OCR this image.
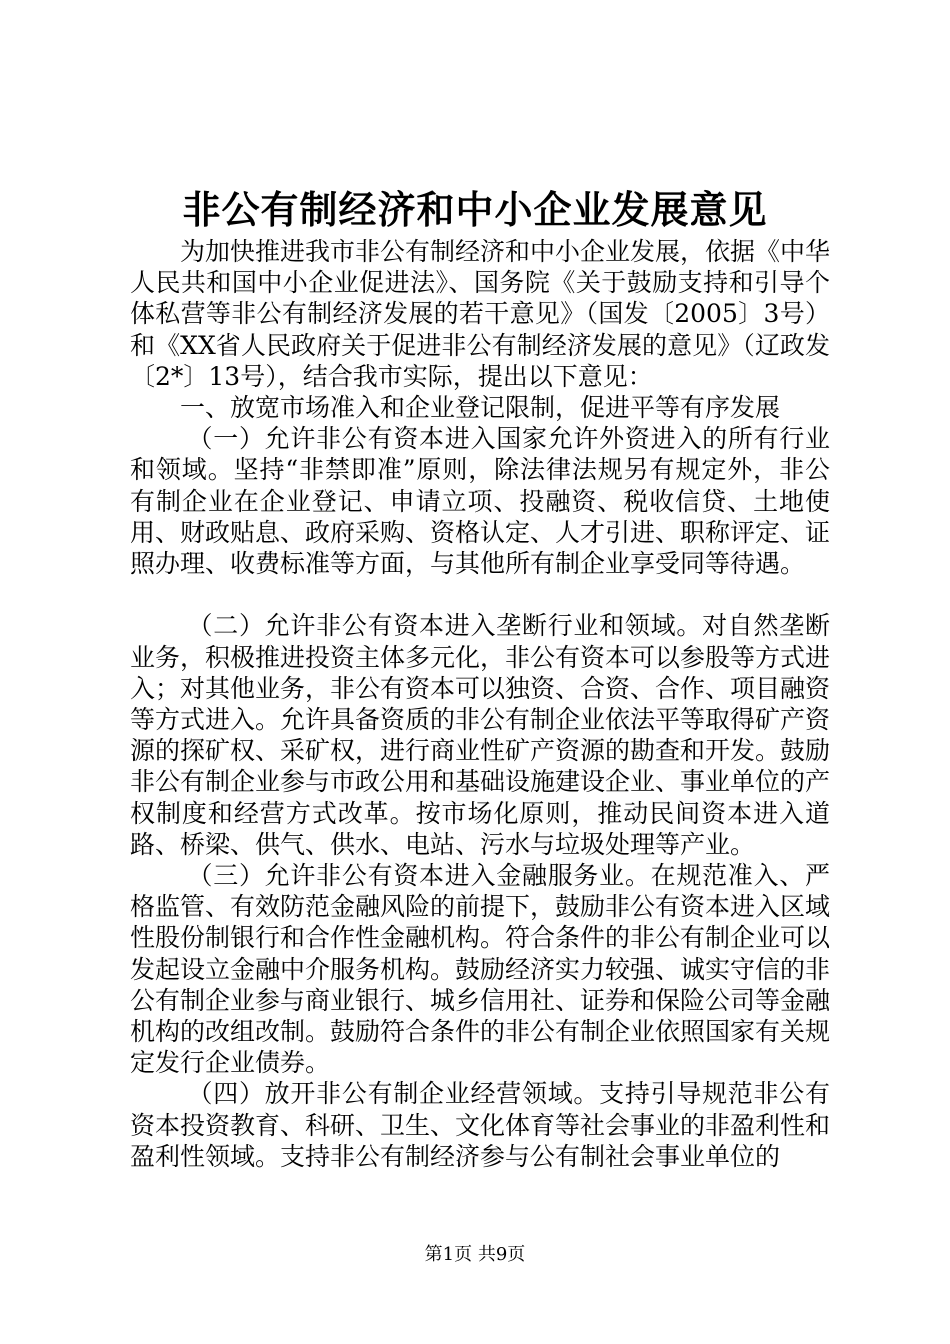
非公有制经济和中小企业发展意见

为加快推进我市非公有制经济和中小企业发展，依据《中华人民共和国中小企业促进法》、国务院《关于鼓励支持和引导个体私营等非公有制经济发展的若干意见》（国发〔2005〕3号）和《XX省人民政府关于促进非公有制经济发展的意见》（辽政发〔2*〕13号），结合我市实际，提出以下意见：

一、放宽市场准入和企业登记限制，促进平等有序发展

（一）允许非公有资本进入国家允许外资进入的所有行业和领域。坚持“非禁即准”原则，除法律法规另有规定外，非公有制企业在企业登记、申请立项、投融资、税收信贷、土地使用、财政贴息、政府采购、资格认定、人才引进、职称评定、证照办理、收费标准等方面，与其他所有制企业享受同等待遇。

（二）允许非公有资本进入垄断行业和领域。对自然垄断业务，积极推进投资主体多元化，非公有资本可以参股等方式进入；对其他业务，非公有资本可以独资、合资、合作、项目融资等方式进入。允许具备资质的非公有制企业依法平等取得矿产资源的探矿权、采矿权，进行商业性矿产资源的勘查和开发。鼓励非公有制企业参与市政公用和基础设施建设企业、事业单位的产权制度和经营方式改革。按市场化原则，推动民间资本进入道路、桥梁、供气、供水、电站、污水与垃圾处理等产业。

（三）允许非公有资本进入金融服务业。在规范准入、严格监管、有效防范金融风险的前提下，鼓励非公有资本进入区域性股份制银行和合作性金融机构。符合条件的非公有制企业可以发起设立金融中介服务机构。鼓励经济实力较强、诚实守信的非公有制企业参与商业银行、城乡信用社、证券和保险公司等金融机构的改组改制。鼓励符合条件的非公有制企业依照国家有关规定发行企业债券。

（四）放开非公有制企业经营领域。支持引导规范非公有资本投资教育、科研、卫生、文化体育等社会事业的非盈利性和盈利性领域。支持非公有制经济参与公有制社会事业单位的

第1页 共9页
